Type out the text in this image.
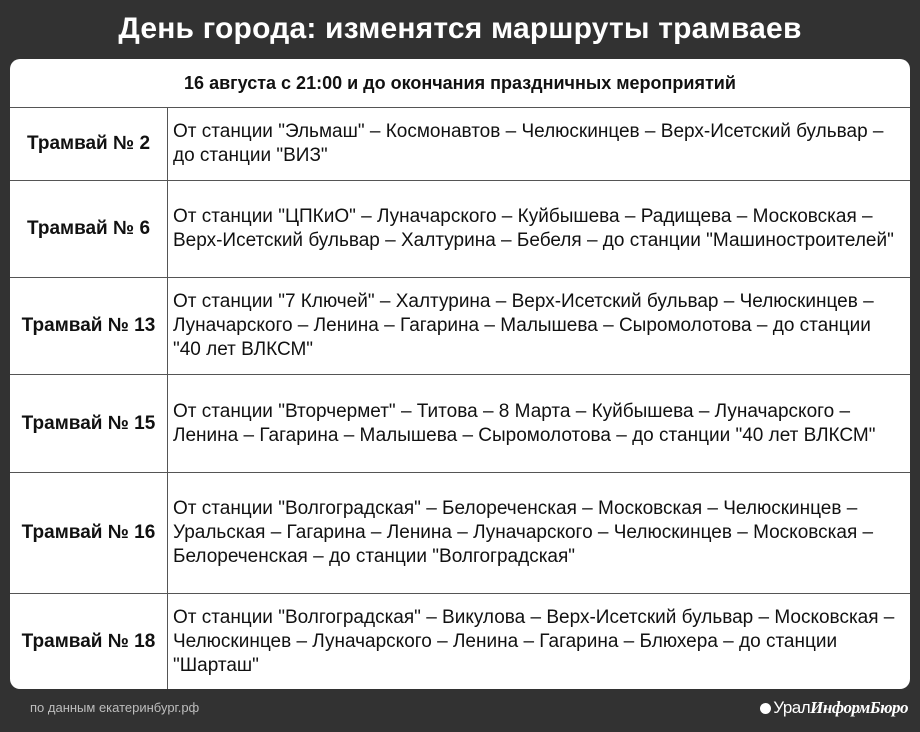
День города: изменятся маршруты трамваев
16 августа с 21:00 и до окончания праздничных мероприятий
Трамвай № 2
От станции "Эльмаш" – Космонавтов – Челюскинцев – Верх-Исетский бульвар – до станции "ВИЗ"
Трамвай № 6
От станции "ЦПКиО" – Луначарского – Куйбышева – Радищева – Московская – Верх-Исетский бульвар – Халтурина – Бебеля – до станции "Машиностроителей"
Трамвай № 13
От станции "7 Ключей" – Халтурина – Верх-Исетский бульвар – Челюскинцев – Луначарского – Ленина – Гагарина – Малышева – Сыромолотова – до станции "40 лет ВЛКСМ"
Трамвай № 15
От станции "Вторчермет" – Титова – 8 Марта – Куйбышева – Луначарского – Ленина – Гагарина – Малышева – Сыромолотова – до станции "40 лет ВЛКСМ"
Трамвай № 16
От станции "Волгоградская" – Белореченская – Московская – Челюскинцев – Уральская – Гагарина – Ленина – Луначарского – Челюскинцев – Московская – Белореченская – до станции "Волгоградская"
Трамвай № 18
От станции "Волгоградская" – Викулова – Верх-Исетский бульвар – Московская – Челюскинцев – Луначарского – Ленина – Гагарина – Блюхера – до станции "Шарташ"
по данным екатеринбург.рф	Урал ИнформБюро
